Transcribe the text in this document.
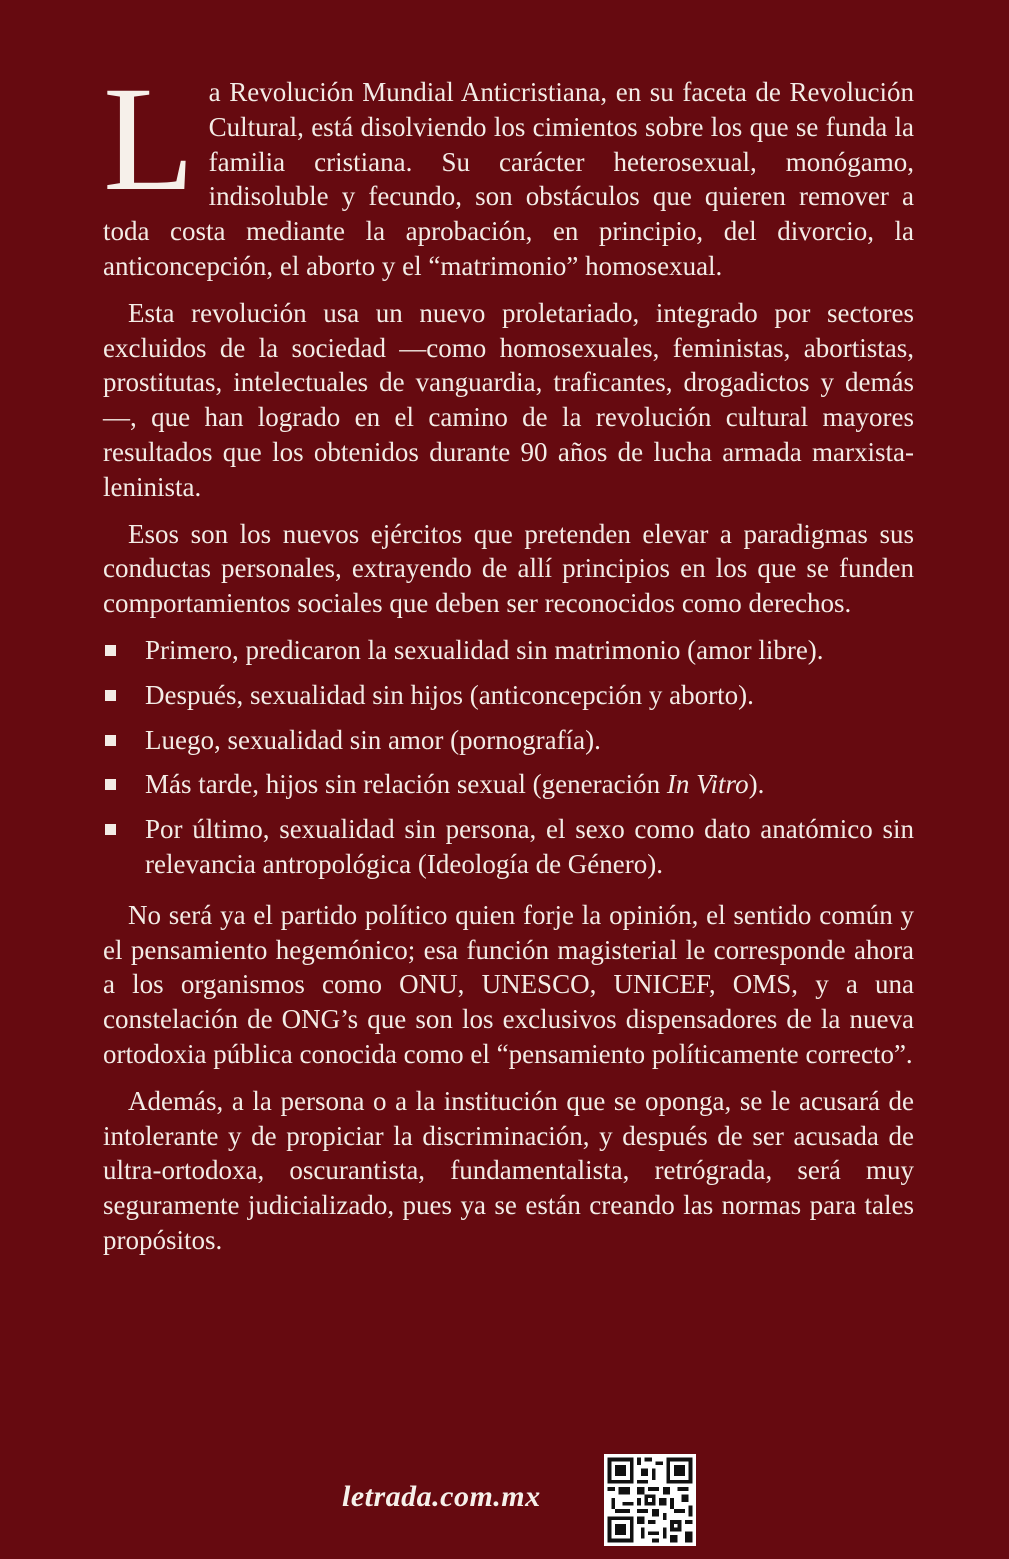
La Revolución Mundial Anticristiana, en su faceta de Revolución Cultural, está disolviendo los cimientos sobre los que se funda la familia cristiana. Su carácter heterosexual, monógamo, indisoluble y fecundo, son obstáculos que quieren remover a toda costa mediante la aprobación, en principio, del divorcio, la anticoncepción, el aborto y el “matrimonio” homosexual.

Esta revolución usa un nuevo proletariado, integrado por sectores excluidos de la sociedad —como homosexuales, feministas, abortistas, prostitutas, intelectuales de vanguardia, traficantes, drogadictos y demás—, que han logrado en el camino de la revolución cultural mayores resultados que los obtenidos durante 90 años de lucha armada marxista-leninista.

Esos son los nuevos ejércitos que pretenden elevar a paradigmas sus conductas personales, extrayendo de allí principios en los que se funden comportamientos sociales que deben ser reconocidos como derechos.

Primero, predicaron la sexualidad sin matrimonio (amor libre).
Después, sexualidad sin hijos (anticoncepción y aborto).
Luego, sexualidad sin amor (pornografía).
Más tarde, hijos sin relación sexual (generación In Vitro).
Por último, sexualidad sin persona, el sexo como dato anatómico sin relevancia antropológica (Ideología de Género).

No será ya el partido político quien forje la opinión, el sentido común y el pensamiento hegemónico; esa función magisterial le corresponde ahora a los organismos como ONU, UNESCO, UNICEF, OMS, y a una constelación de ONG’s que son los exclusivos dispensadores de la nueva ortodoxia pública conocida como el “pensamiento políticamente correcto”.

Además, a la persona o a la institución que se oponga, se le acusará de intolerante y de propiciar la discriminación, y después de ser acusada de ultra-ortodoxa, oscurantista, fundamentalista, retrógrada, será muy seguramente judicializado, pues ya se están creando las normas para tales propósitos.

letrada.com.mx
